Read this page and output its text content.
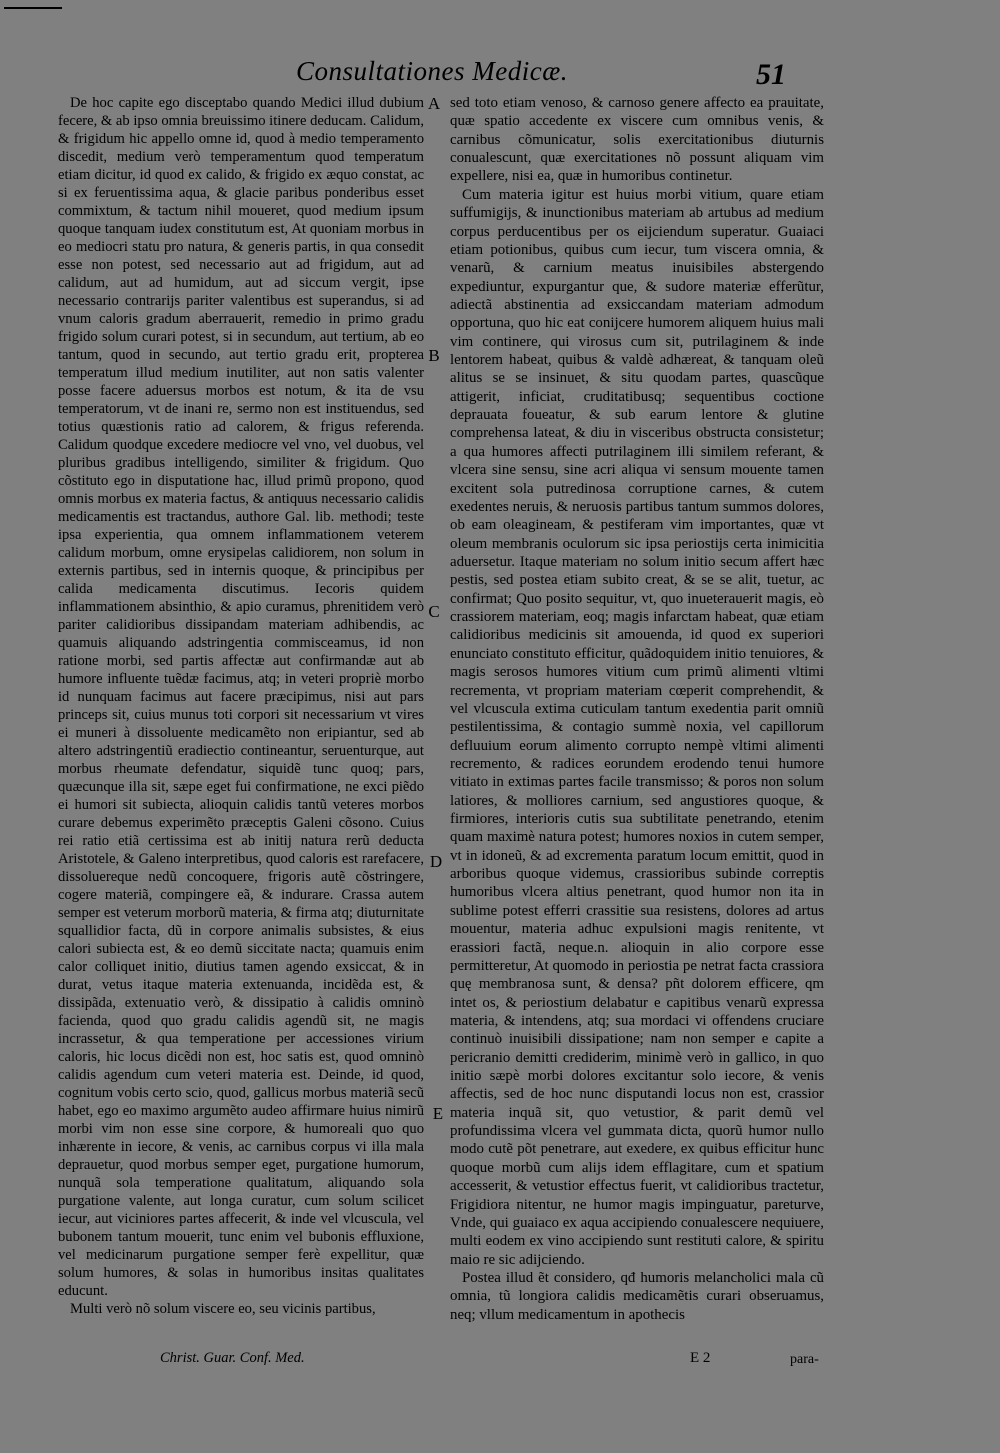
Consultationes Medicæ.	51

De hoc capite ego disceptabo quando Medici illud dubium fecere, & ab ipso omnia breuissimo itinere deducam. Calidum, & frigidum hic appello omne id, quod à medio temperamento discedit, medium verò temperamentum quod temperatum etiam dicitur, id quod ex calido, & frigido ex æquo constat, ac si ex feruentissima aqua, & glacie paribus ponderibus esset commixtum, & tactum nihil moueret, quod medium ipsum quoque tanquam iudex constitutum est, At quoniam morbus in eo mediocri statu pro natura, & generis partis, in qua consedit esse non potest, sed necessario aut ad frigidum, aut ad calidum, aut ad humidum, aut ad siccum vergit, ipse necessario contrarijs pariter valentibus est superandus, si ad vnum caloris gradum aberrauerit, remedio in primo gradu frigido solum curari potest, si in secundum, aut tertium, ab eo tantum, quod in secundo, aut tertio gradu erit, propterea temperatum illud medium inutiliter, aut non satis valenter posse facere aduersus morbos est notum, & ita de vsu temperatorum, vt de inani re, sermo non est instituendus, sed totius quæstionis ratio ad calorem, & frigus referenda. Calidum quodque excedere mediocre vel vno, vel duobus, vel pluribus gradibus intelligendo, similiter & frigidum. Quo cõstituto ego in disputatione hac, illud primũ propono, quod omnis morbus ex materia factus, & antiquus necessario calidis medicamentis est tractandus, authore Gal. lib. methodi; teste ipsa experientia, qua omnem inflammationem veterem calidum morbum, omne erysipelas calidiorem, non solum in externis partibus, sed in internis quoque, & principibus per calida medicamenta discutimus. Iecoris quidem inflammationem absinthio, & apio curamus, phrenitidem verò pariter calidioribus dissipandam materiam adhibendis, ac quamuis aliquando adstringentia commisceamus, id non ratione morbi, sed partis affectæ aut confirmandæ aut ab humore influente tuẽdæ facimus, atq; in veteri propriè morbo id nunquam facimus aut facere præcipimus, nisi aut pars princeps sit, cuius munus toti corpori sit necessarium vt vires ei muneri à dissoluente medicamẽto non eripiantur, sed ab altero adstringentiũ eradiectio contineantur, seruenturque, aut morbus rheumate defendatur, siquidẽ tunc quoq; pars, quæcunque illa sit, sæpe eget fui confirmatione, ne exci piẽdo ei humori sit subiecta, alioquin calidis tantũ veteres morbos curare debemus experimẽto præceptis Galeni cõsono. Cuius rei ratio etiã certissima est ab initij natura rerũ deducta Aristotele, & Galeno interpretibus, quod caloris est rarefacere, dissoluereque nedũ concoquere, frigoris autẽ cõstringere, cogere materiã, compingere eã, & indurare. Crassa autem semper est veterum morborũ materia, & firma atq; diuturnitate squallidior facta, dũ in corpore animalis subsistes, & eius calori subiecta est, & eo demũ siccitate nacta; quamuis enim calor colliquet initio, diutius tamen agendo exsiccat, & in durat, vetus itaque materia extenuanda, incidẽda est, & dissipãda, extenuatio verò, & dissipatio à calidis omninò facienda, quod quo gradu calidis agendũ sit, ne magis incrassetur, & qua temperatione per accessiones virium caloris, hic locus dicẽdi non est, hoc satis est, quod omninò calidis agendum cum veteri materia est. Deinde, id quod, cognitum vobis certo scio, quod, gallicus morbus materiã secũ habet, ego eo maximo argumẽto audeo affirmare huius nimirũ morbi vim non esse sine corpore, & humoreali quo quo inhærente in iecore, & venis, ac carnibus corpus vi illa mala deprauetur, quod morbus semper eget, purgatione humorum, nunquã sola temperatione qualitatum, aliquando sola purgatione valente, aut longa curatur, cum solum scilicet iecur, aut viciniores partes affecerit, & inde vel vlcuscula, vel bubonem tantum mouerit, tunc enim vel bubonis effluxione, vel medicinarum purgatione semper ferè expellitur, quæ solum humores, & solas in humoribus insitas qualitates educunt.

Multi verò nõ solum viscere eo, seu vicinis partibus,

A
B
C
D
E

sed toto etiam venoso, & carnoso genere affecto ea prauitate, quæ spatio accedente ex viscere cum omnibus venis, & carnibus cõmunicatur, solis exercitationibus diuturnis conualescunt, quæ exercitationes nõ possunt aliquam vim expellere, nisi ea, quæ in humoribus continetur.

Cum materia igitur est huius morbi vitium, quare etiam suffumigijs, & inunctionibus materiam ab artubus ad medium corpus perducentibus per os eijciendum superatur. Guaiaci etiam potionibus, quibus cum iecur, tum viscera omnia, & venarũ, & carnium meatus inuisibiles abstergendo expediuntur, expurgantur que, & sudore materiæ efferũtur, adiectã abstinentia ad exsiccandam materiam admodum opportuna, quo hic eat conijcere humorem aliquem huius mali vim continere, qui virosus cum sit, putrilaginem & inde lentorem habeat, quibus & valdè adhæreat, & tanquam oleũ alitus se se insinuet, & situ quodam partes, quascũque attigerit, inficiat, cruditatibusq; sequentibus coctione deprauata foueatur, & sub earum lentore & glutine comprehensa lateat, & diu in visceribus obstructa consistetur; a qua humores affecti putrilaginem illi similem referant, & vlcera sine sensu, sine acri aliqua vi sensum mouente tamen excitent sola putredinosa corruptione carnes, & cutem exedentes neruis, & neruosis partibus tantum summos dolores, ob eam oleagineam, & pestiferam vim importantes, quæ vt oleum membranis oculorum sic ipsa periostijs certa inimicitia aduersetur. Itaque materiam no solum initio secum affert hæc pestis, sed postea etiam subito creat, & se se alit, tuetur, ac confirmat; Quo posito sequitur, vt, quo inueterauerit magis, eò crassiorem materiam, eoq; magis infarctam habeat, quæ etiam calidioribus medicinis sit amouenda, id quod ex superiori enunciato constituto efficitur, quãdoquidem initio tenuiores, & magis serosos humores vitium cum primũ alimenti vltimi recrementa, vt propriam materiam cœperit comprehendit, & vel vlcuscula extima cuticulam tantum exedentia parit omniũ pestilentissima, & contagio summè noxia, vel capillorum defluuium eorum alimento corrupto nempè vltimi alimenti recremento, & radices eorundem erodendo tenui humore vitiato in extimas partes facile transmisso; & poros non solum latiores, & molliores carnium, sed angustiores quoque, & firmiores, interioris cutis sua subtilitate penetrando, etenim quam maximè natura potest; humores noxios in cutem semper, vt in idoneũ, & ad excrementa paratum locum emittit, quod in arboribus quoque videmus, crassioribus subinde correptis humoribus vlcera altius penetrant, quod humor non ita in sublime potest efferri crassitie sua resistens, dolores ad artus mouentur, materia adhuc expulsioni magis renitente, vt erassiori factã, neque.n. alioquin in alio corpore esse permitteretur, At quomodo in periostia pe netrat facta crassiora quę membranosa sunt, & densa? pñt dolorem efficere, qm intet os, & periostium delabatur e capitibus venarũ expressa materia, & intendens, atq; sua mordaci vi offendens cruciare continuò inuisibili dissipatione; nam non semper e capite a pericranio demitti crediderim, minimè verò in gallico, in quo initio sæpè morbi dolores excitantur solo iecore, & venis affectis, sed de hoc nunc disputandi locus non est, crassior materia inquã sit, quo vetustior, & parit demũ vel profundissima vlcera vel gummata dicta, quorũ humor nullo modo cutẽ põt penetrare, aut exedere, ex quibus efficitur hunc quoque morbũ cum alijs idem efflagitare, cum et spatium accesserit, & vetustior effectus fuerit, vt calidioribus tractetur, Frigidiora nitentur, ne humor magis impinguatur, pareturve, Vnde, qui guaiaco ex aqua accipiendo conualescere nequiuere, multi eodem ex vino accipiendo sunt restituti calore, & spiritu maio re sic adijciendo.

Postea illud ẽt considero, qđ humoris melancholici mala cũ omnia, tũ longiora calidis medicamẽtis curari obseruamus, neq; vllum medicamentum in apothecis

Christ. Guar. Conf. Med.	E 2	para-
